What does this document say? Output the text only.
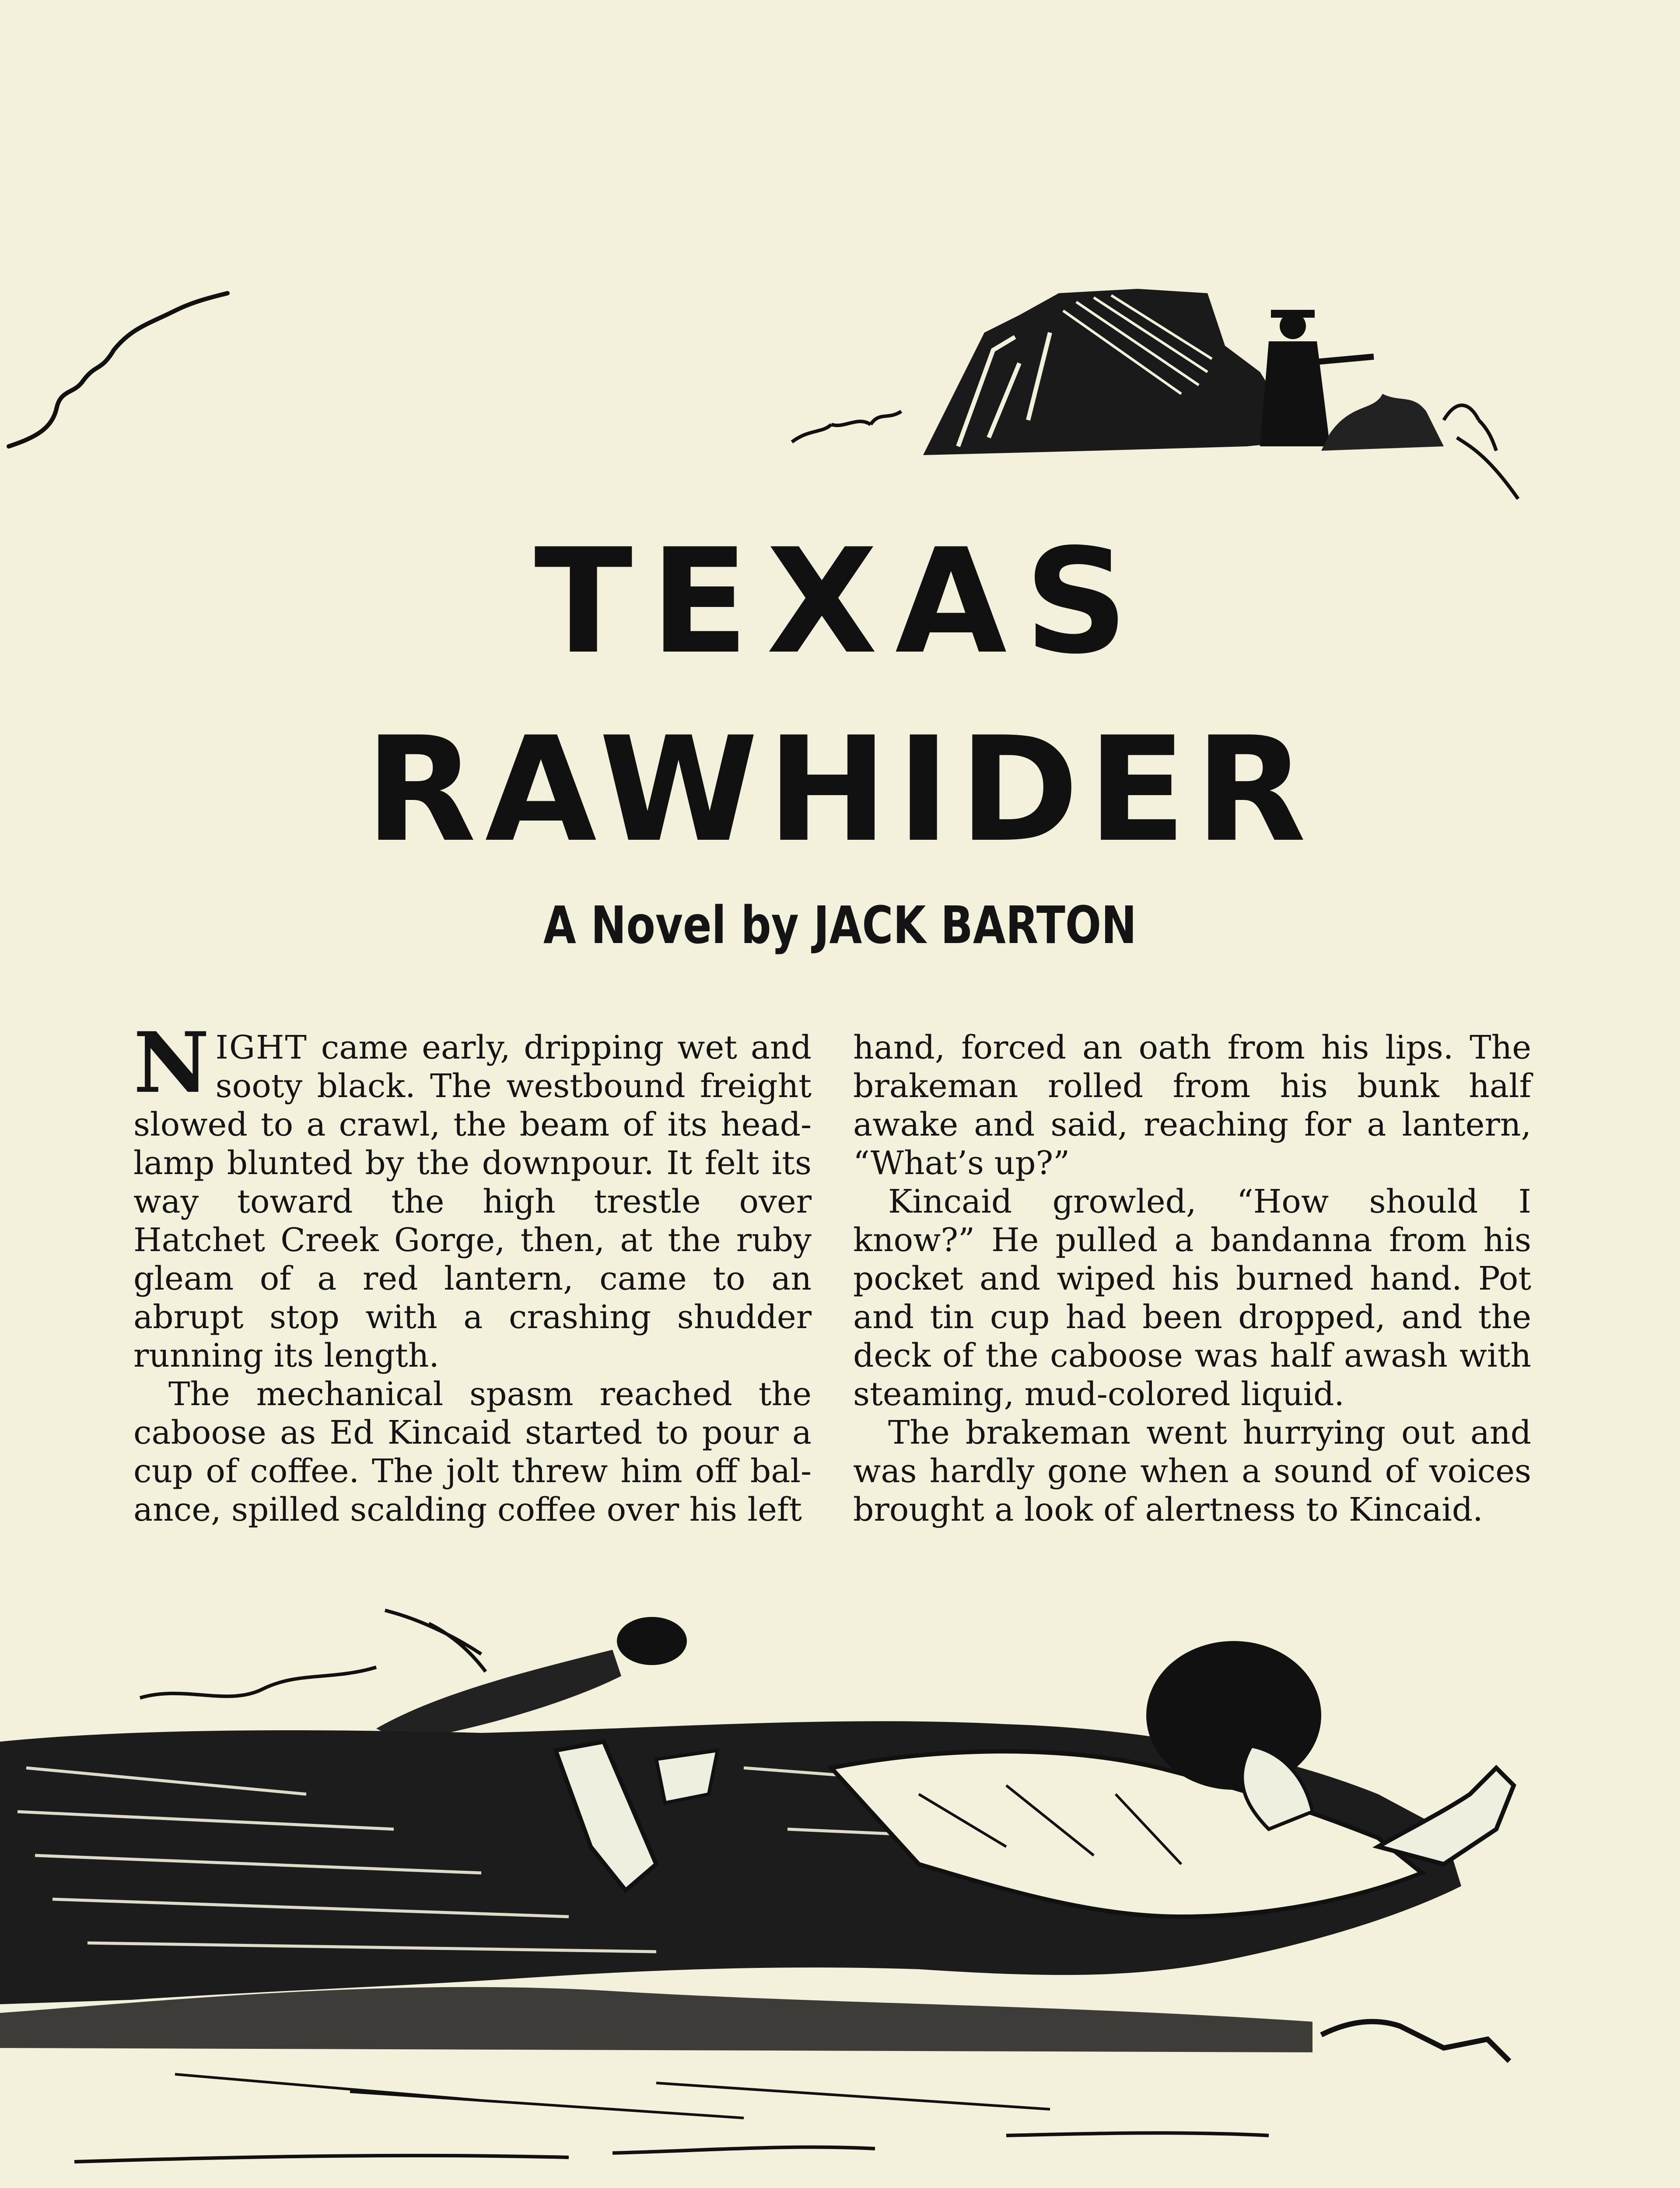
TEXAS
RAWHIDER
A Novel by JACK BARTON

NIGHT came early, dripping wet and sooty black. The westbound freight slowed to a crawl, the beam of its head-lamp blunted by the downpour. It felt its way toward the high trestle over Hatchet Creek Gorge, then, at the ruby gleam of a red lantern, came to an abrupt stop with a crashing shudder running its length.

The mechanical spasm reached the caboose as Ed Kincaid started to pour a cup of coffee. The jolt threw him off bal-ance, spilled scalding coffee over his left

hand, forced an oath from his lips. The brakeman rolled from his bunk half awake and said, reaching for a lantern, “What’s up?”

Kincaid growled, “How should I know?” He pulled a bandanna from his pocket and wiped his burned hand. Pot and tin cup had been dropped, and the deck of the caboose was half awash with steaming, mud-colored liquid.

The brakeman went hurrying out and was hardly gone when a sound of voices brought a look of alertness to Kincaid.
